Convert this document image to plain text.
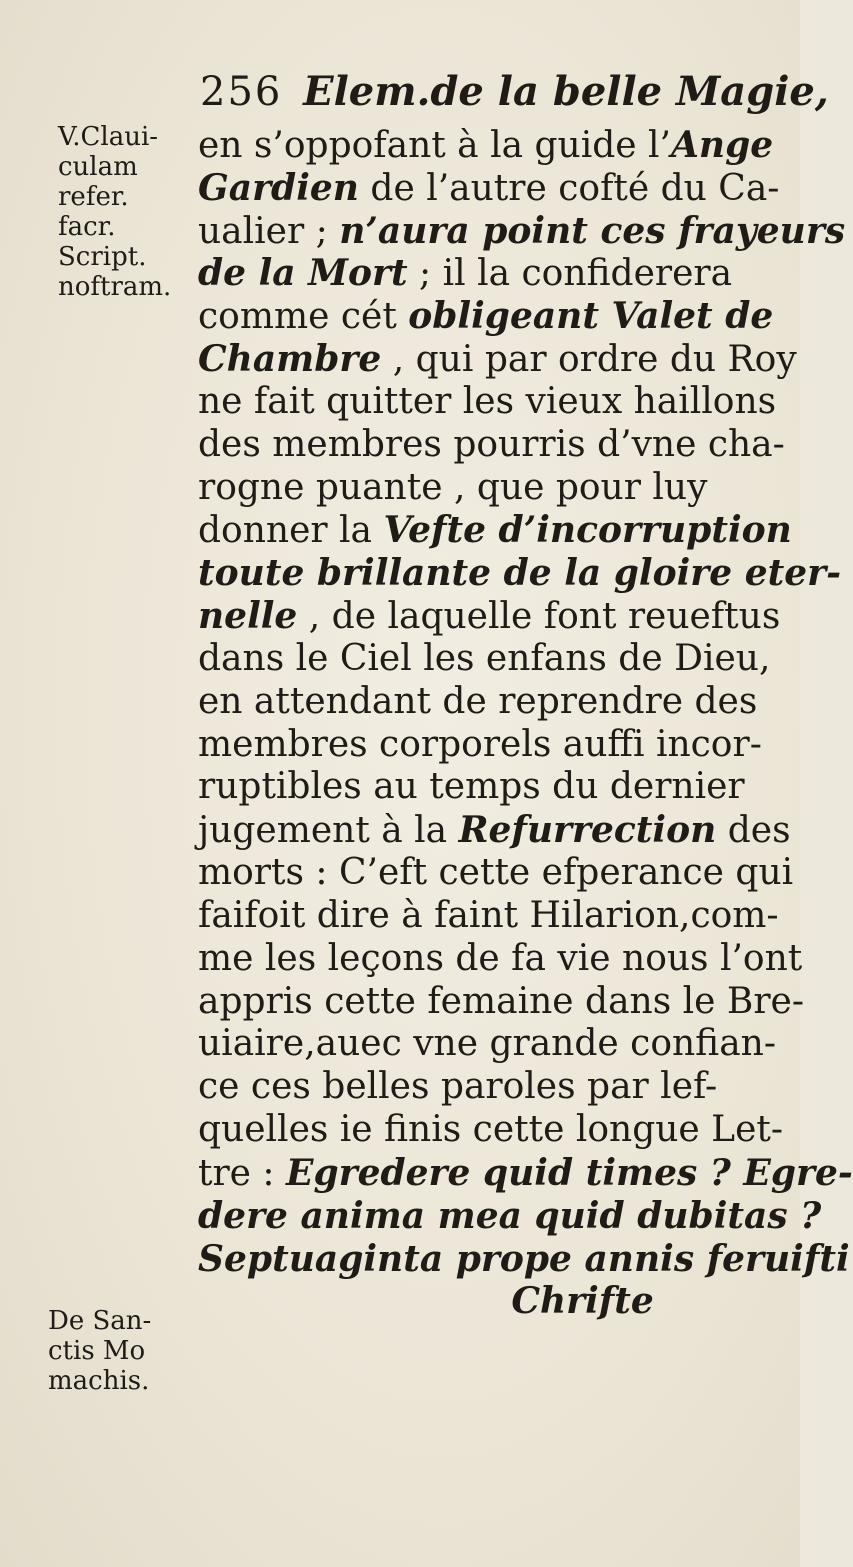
256 Elem.de la belle Magie,
V.Claui-
culam
refer.
facr.
Script.
noftram.
De San-
ctis Mo
machis.
en s’oppofant à la guide l’Ange
Gardien de l’autre cofté du Ca-
ualier ; n’aura point ces frayeurs
de la Mort ; il la confiderera
comme cét obligeant Valet de
Chambre , qui par ordre du Roy
ne fait quitter les vieux haillons
des membres pourris d’vne cha-
rogne puante , que pour luy
donner la Vefte d’incorruption
toute brillante de la gloire eter-
nelle , de laquelle font reueftus
dans le Ciel les enfans de Dieu,
en attendant de reprendre des
membres corporels auffi incor-
ruptibles au temps du dernier
jugement à la Refurrection des
morts : C’eft cette efperance qui
faifoit dire à faint Hilarion,com-
me les leçons de fa vie nous l’ont
appris cette femaine dans le Bre-
uiaire,auec vne grande confian-
ce ces belles paroles par lef-
quelles ie finis cette longue Let-
tre : Egredere quid times ? Egre-
dere anima mea quid dubitas ?
Septuaginta prope annis feruifti
Chrifte
